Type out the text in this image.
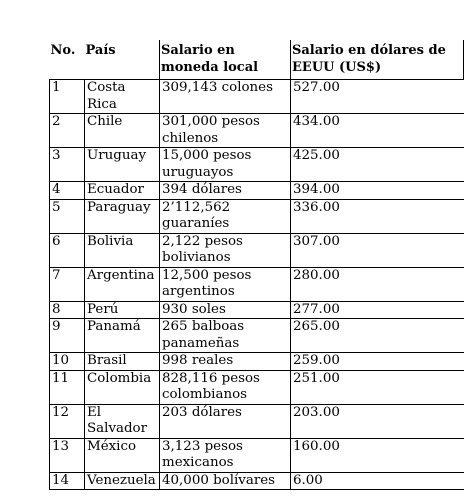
No.	País	Salario en moneda local	Salario en dólares de EEUU (US$)
1	Costa Rica	309,143 colones	527.00
2	Chile	301,000 pesos chilenos	434.00
3	Uruguay	15,000 pesos uruguayos	425.00
4	Ecuador	394 dólares	394.00
5	Paraguay	2’112,562 guaraníes	336.00
6	Bolivia	2,122 pesos bolivianos	307.00
7	Argentina	12,500 pesos argentinos	280.00
8	Perú	930 soles	277.00
9	Panamá	265 balboas panameñas	265.00
10	Brasil	998 reales	259.00
11	Colombia	828,116 pesos colombianos	251.00
12	El Salvador	203 dólares	203.00
13	México	3,123 pesos mexicanos	160.00
14	Venezuela	40,000 bolívares	6.00
